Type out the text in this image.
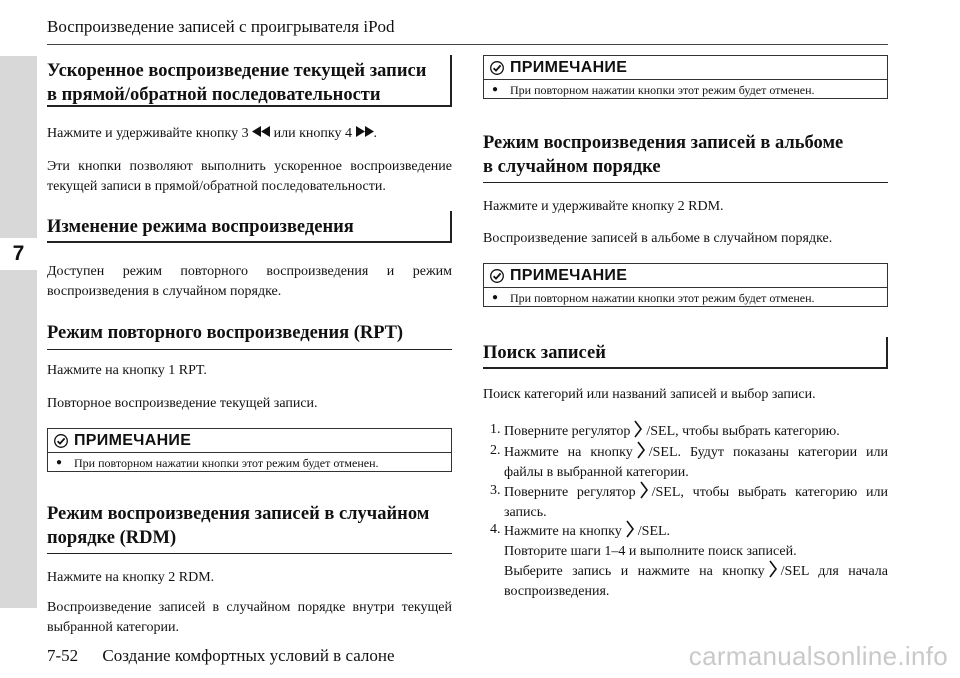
Воспроизведение записей с проигрывателя iPod
7
Ускоренное воспроизведение текущей записи
в прямой/обратной последовательности
Нажмите и удерживайте кнопку 3 или кнопку 4 .
Эти кнопки позволяют выполнить ускоренное воспроизведение текущей записи в прямой/обратной последовательности.
Изменение режима воспроизведения
Доступен режим повторного воспроизведения и режим воспроизведения в случайном порядке.
Режим повторного воспроизведения (RPT)
Нажмите на кнопку 1 RPT.
Повторное воспроизведение текущей записи.
ПРИМЕЧАНИЕ
● При повторном нажатии кнопки этот режим будет отменен.
Режим воспроизведения записей в случайном
порядке (RDM)
Нажмите на кнопку 2 RDM.
Воспроизведение записей в случайном порядке внутри текущей выбранной категории.
ПРИМЕЧАНИЕ
● При повторном нажатии кнопки этот режим будет отменен.
Режим воспроизведения записей в альбоме
в случайном порядке
Нажмите и удерживайте кнопку 2 RDM.
Воспроизведение записей в альбоме в случайном порядке.
ПРИМЕЧАНИЕ
● При повторном нажатии кнопки этот режим будет отменен.
Поиск записей
Поиск категорий или названий записей и выбор записи.
1. Поверните регулятор /SEL, чтобы выбрать категорию.
2. Нажмите на кнопку /SEL. Будут показаны категории или файлы в выбранной категории.
3. Поверните регулятор /SEL, чтобы выбрать категорию или запись.
4. Нажмите на кнопку /SEL.
Повторите шаги 1–4 и выполните поиск записей.
Выберите запись и нажмите на кнопку /SEL для начала воспроизведения.
7-52 Создание комфортных условий в салоне	carmanualsonline.info
